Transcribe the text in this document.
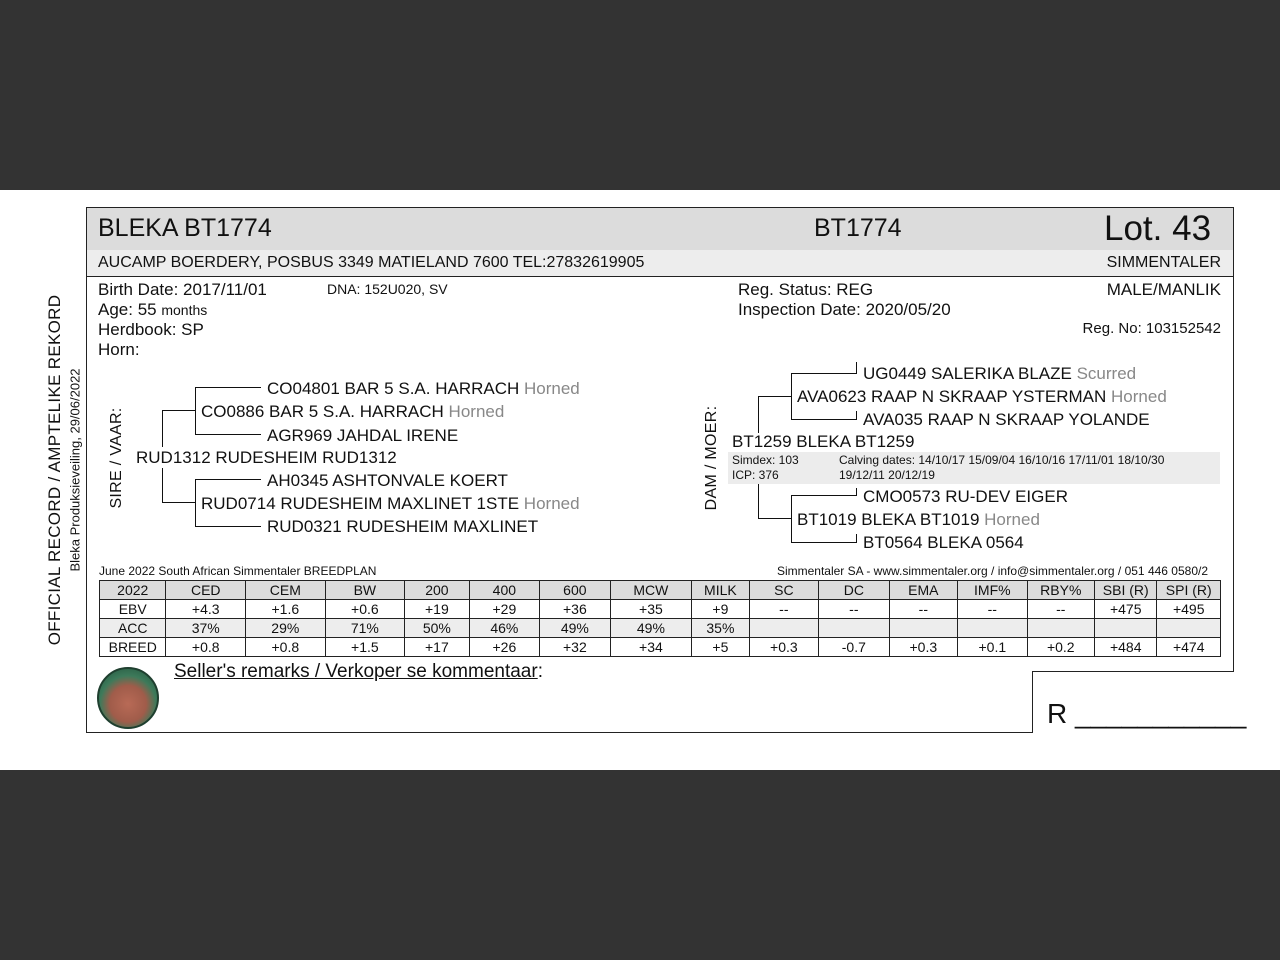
OFFICIAL RECORD / AMPTELIKE REKORD Bleka Produksieveiling, 29/06/2022
BLEKA BT1774	BT1774	Lot. 43
AUCAMP BOERDERY, POSBUS 3349 MATIELAND 7600 TEL:27832619905	SIMMENTALER
Birth Date: 2017/11/01	DNA: 152U020, SV
Age: 55 months
Herdbook: SP
Horn:
Reg. Status: REG
Inspection Date: 2020/05/20
MALE/MANLIK
Reg. No: 103152542
SIRE / VAAR:
CO04801 BAR 5 S.A. HARRACH Horned
CO0886 BAR 5 S.A. HARRACH Horned
AGR969 JAHDAL IRENE
RUD1312 RUDESHEIM RUD1312
AH0345 ASHTONVALE KOERT
RUD0714 RUDESHEIM MAXLINET 1STE Horned
RUD0321 RUDESHEIM MAXLINET
DAM / MOER:
UG0449 SALERIKA BLAZE Scurred
AVA0623 RAAP N SKRAAP YSTERMAN Horned
AVA035 RAAP N SKRAAP YOLANDE
BT1259 BLEKA BT1259
Simdex: 103
ICP: 376
Calving dates: 14/10/17 15/09/04 16/10/16 17/11/01 18/10/30
19/12/11 20/12/19
CMO0573 RU-DEV EIGER
BT1019 BLEKA BT1019 Horned
BT0564 BLEKA 0564
June 2022 South African Simmentaler BREEDPLAN	Simmentaler SA - www.simmentaler.org / info@simmentaler.org / 051 446 0580/2
2022	CED	CEM	BW	200	400	600	MCW	MILK	SC	DC	EMA	IMF%	RBY%	SBI (R)	SPI (R)
EBV	+4.3	+1.6	+0.6	+19	+29	+36	+35	+9	--	--	--	--	--	+475	+495
ACC	37%	29%	71%	50%	46%	49%	49%	35%							
BREED	+0.8	+0.8	+1.5	+17	+26	+32	+34	+5	+0.3	-0.7	+0.3	+0.1	+0.2	+484	+474
Seller's remarks / Verkoper se kommentaar:
R ___________
